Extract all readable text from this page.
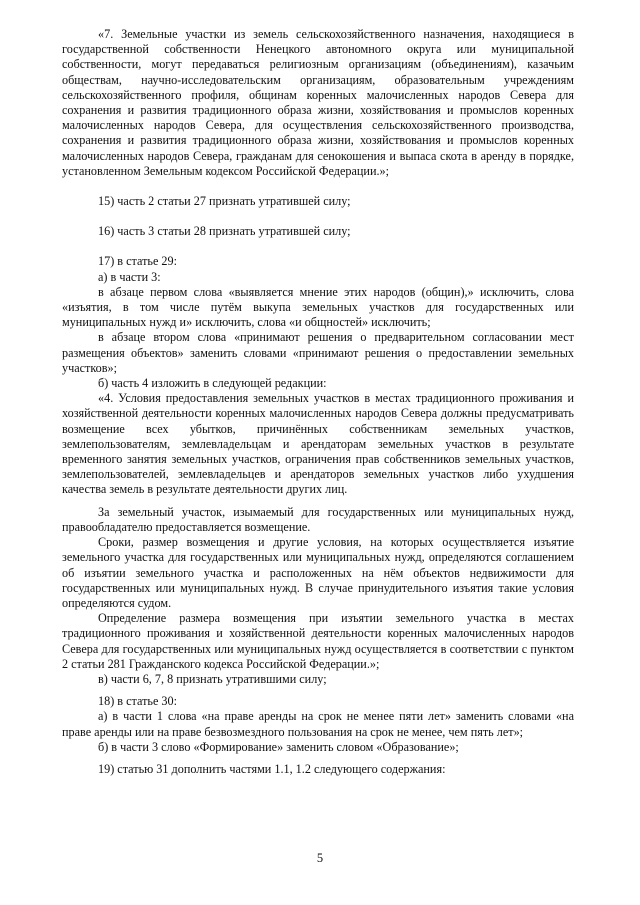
«7. Земельные участки из земель сельскохозяйственного назначения, находящиеся в государственной собственности Ненецкого автономного округа или муниципальной собственности, могут передаваться религиозным организациям (объединениям), казачьим обществам, научно-исследовательским организациям, образовательным учреждениям сельскохозяйственного профиля, общинам коренных малочисленных народов Севера для сохранения и развития традиционного образа жизни, хозяйствования и промыслов коренных малочисленных народов Севера, для осуществления сельскохозяйственного производства, сохранения и развития традиционного образа жизни, хозяйствования и промыслов коренных малочисленных народов Севера, гражданам для сенокошения и выпаса скота в аренду в порядке, установленном Земельным кодексом Российской Федерации.»;

15) часть 2 статьи 27 признать утратившей силу;

16) часть 3 статьи 28 признать утратившей силу;

17) в статье 29:

а) в части 3:

в абзаце первом слова «выявляется мнение этих народов (общин),» исключить, слова «изъятия, в том числе путём выкупа земельных участков для государственных или муниципальных нужд и» исключить, слова «и общностей» исключить;

в абзаце втором слова «принимают решения о предварительном согласовании мест размещения объектов» заменить словами «принимают решения о предоставлении земельных участков»;

б) часть 4 изложить в следующей редакции:

«4. Условия предоставления земельных участков в местах традиционного проживания и хозяйственной деятельности коренных малочисленных народов Севера должны предусматривать возмещение всех убытков, причинённых собственникам земельных участков, землепользователям, землевладельцам и арендаторам земельных участков в результате временного занятия земельных участков, ограничения прав собственников земельных участков, землепользователей, землевладельцев и арендаторов земельных участков либо ухудшения качества земель в результате деятельности других лиц.

За земельный участок, изымаемый для государственных или муниципальных нужд, правообладателю предоставляется возмещение.

Сроки, размер возмещения и другие условия, на которых осуществляется изъятие земельного участка для государственных или муниципальных нужд, определяются соглашением об изъятии земельного участка и расположенных на нём объектов недвижимости для государственных или муниципальных нужд. В случае принудительного изъятия такие условия определяются судом.

Определение размера возмещения при изъятии земельного участка в местах традиционного проживания и хозяйственной деятельности коренных малочисленных народов Севера для государственных или муниципальных нужд осуществляется в соответствии с пунктом 2 статьи 281 Гражданского кодекса Российской Федерации.»;

в) части 6, 7, 8 признать утратившими силу;

18) в статье 30:

а) в части 1 слова «на праве аренды на срок не менее пяти лет» заменить словами «на праве аренды или на праве безвозмездного пользования на срок не менее, чем пять лет»;

б) в части 3 слово «Формирование» заменить словом «Образование»;

19) статью 31 дополнить частями 1.1, 1.2 следующего содержания:

5
